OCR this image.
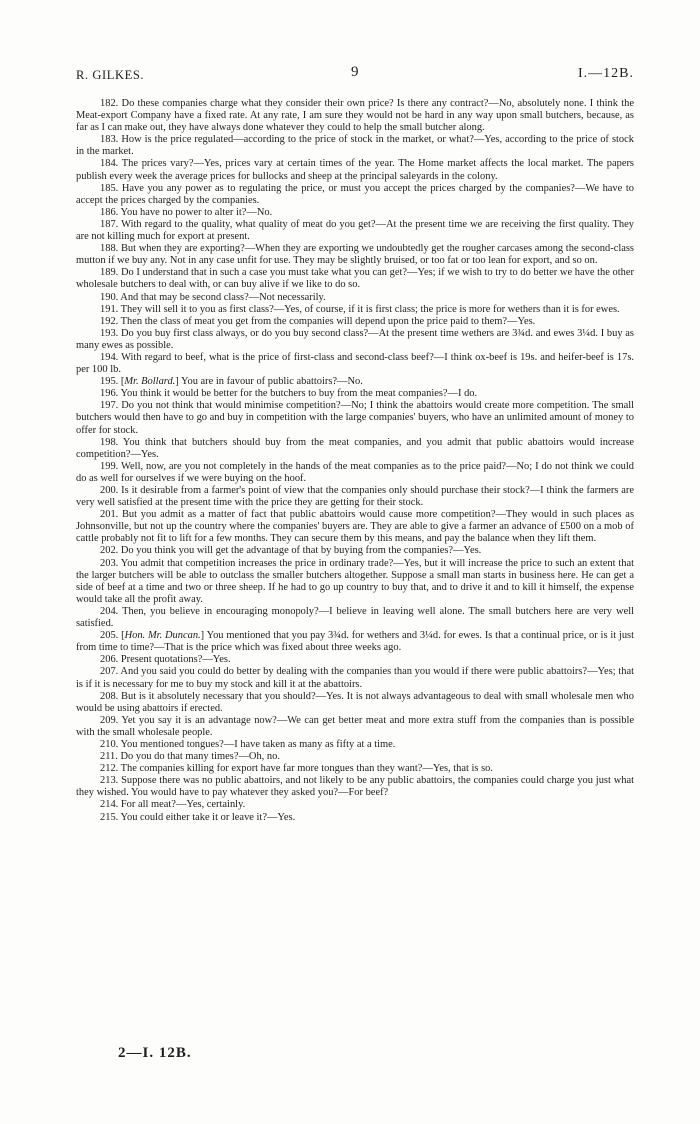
R. GILKES.	9	I.—12B.

182. Do these companies charge what they consider their own price? Is there any contract?—No, absolutely none. I think the Meat-export Company have a fixed rate. At any rate, I am sure they would not be hard in any way upon small butchers, because, as far as I can make out, they have always done whatever they could to help the small butcher along.

183. How is the price regulated—according to the price of stock in the market, or what?—Yes, according to the price of stock in the market.

184. The prices vary?—Yes, prices vary at certain times of the year. The Home market affects the local market. The papers publish every week the average prices for bullocks and sheep at the principal saleyards in the colony.

185. Have you any power as to regulating the price, or must you accept the prices charged by the companies?—We have to accept the prices charged by the companies.

186. You have no power to alter it?—No.

187. With regard to the quality, what quality of meat do you get?—At the present time we are receiving the first quality. They are not killing much for export at present.

188. But when they are exporting?—When they are exporting we undoubtedly get the rougher carcases among the second-class mutton if we buy any. Not in any case unfit for use. They may be slightly bruised, or too fat or too lean for export, and so on.

189. Do I understand that in such a case you must take what you can get?—Yes; if we wish to try to do better we have the other wholesale butchers to deal with, or can buy alive if we like to do so.

190. And that may be second class?—Not necessarily.

191. They will sell it to you as first class?—Yes, of course, if it is first class; the price is more for wethers than it is for ewes.

192. Then the class of meat you get from the companies will depend upon the price paid to them?—Yes.

193. Do you buy first class always, or do you buy second class?—At the present time wethers are 3¾d. and ewes 3¼d. I buy as many ewes as possible.

194. With regard to beef, what is the price of first-class and second-class beef?—I think ox-beef is 19s. and heifer-beef is 17s. per 100 lb.

195. [Mr. Bollard.] You are in favour of public abattoirs?—No.

196. You think it would be better for the butchers to buy from the meat companies?—I do.

197. Do you not think that would minimise competition?—No; I think the abattoirs would create more competition. The small butchers would then have to go and buy in competition with the large companies' buyers, who have an unlimited amount of money to offer for stock.

198. You think that butchers should buy from the meat companies, and you admit that public abattoirs would increase competition?—Yes.

199. Well, now, are you not completely in the hands of the meat companies as to the price paid?—No; I do not think we could do as well for ourselves if we were buying on the hoof.

200. Is it desirable from a farmer's point of view that the companies only should purchase their stock?—I think the farmers are very well satisfied at the present time with the price they are getting for their stock.

201. But you admit as a matter of fact that public abattoirs would cause more competition?—They would in such places as Johnsonville, but not up the country where the companies' buyers are. They are able to give a farmer an advance of £500 on a mob of cattle probably not fit to lift for a few months. They can secure them by this means, and pay the balance when they lift them.

202. Do you think you will get the advantage of that by buying from the companies?—Yes.

203. You admit that competition increases the price in ordinary trade?—Yes, but it will increase the price to such an extent that the larger butchers will be able to outclass the smaller butchers altogether. Suppose a small man starts in business here. He can get a side of beef at a time and two or three sheep. If he had to go up country to buy that, and to drive it and to kill it himself, the expense would take all the profit away.

204. Then, you believe in encouraging monopoly?—I believe in leaving well alone. The small butchers here are very well satisfied.

205. [Hon. Mr. Duncan.] You mentioned that you pay 3¾d. for wethers and 3¼d. for ewes. Is that a continual price, or is it just from time to time?—That is the price which was fixed about three weeks ago.

206. Present quotations?—Yes.

207. And you said you could do better by dealing with the companies than you would if there were public abattoirs?—Yes; that is if it is necessary for me to buy my stock and kill it at the abattoirs.

208. But is it absolutely necessary that you should?—Yes. It is not always advantageous to deal with small wholesale men who would be using abattoirs if erected.

209. Yet you say it is an advantage now?—We can get better meat and more extra stuff from the companies than is possible with the small wholesale people.

210. You mentioned tongues?—I have taken as many as fifty at a time.

211. Do you do that many times?—Oh, no.

212. The companies killing for export have far more tongues than they want?—Yes, that is so.

213. Suppose there was no public abattoirs, and not likely to be any public abattoirs, the companies could charge you just what they wished. You would have to pay whatever they asked you?—For beef?

214. For all meat?—Yes, certainly.

215. You could either take it or leave it?—Yes.

2—I. 12B.
